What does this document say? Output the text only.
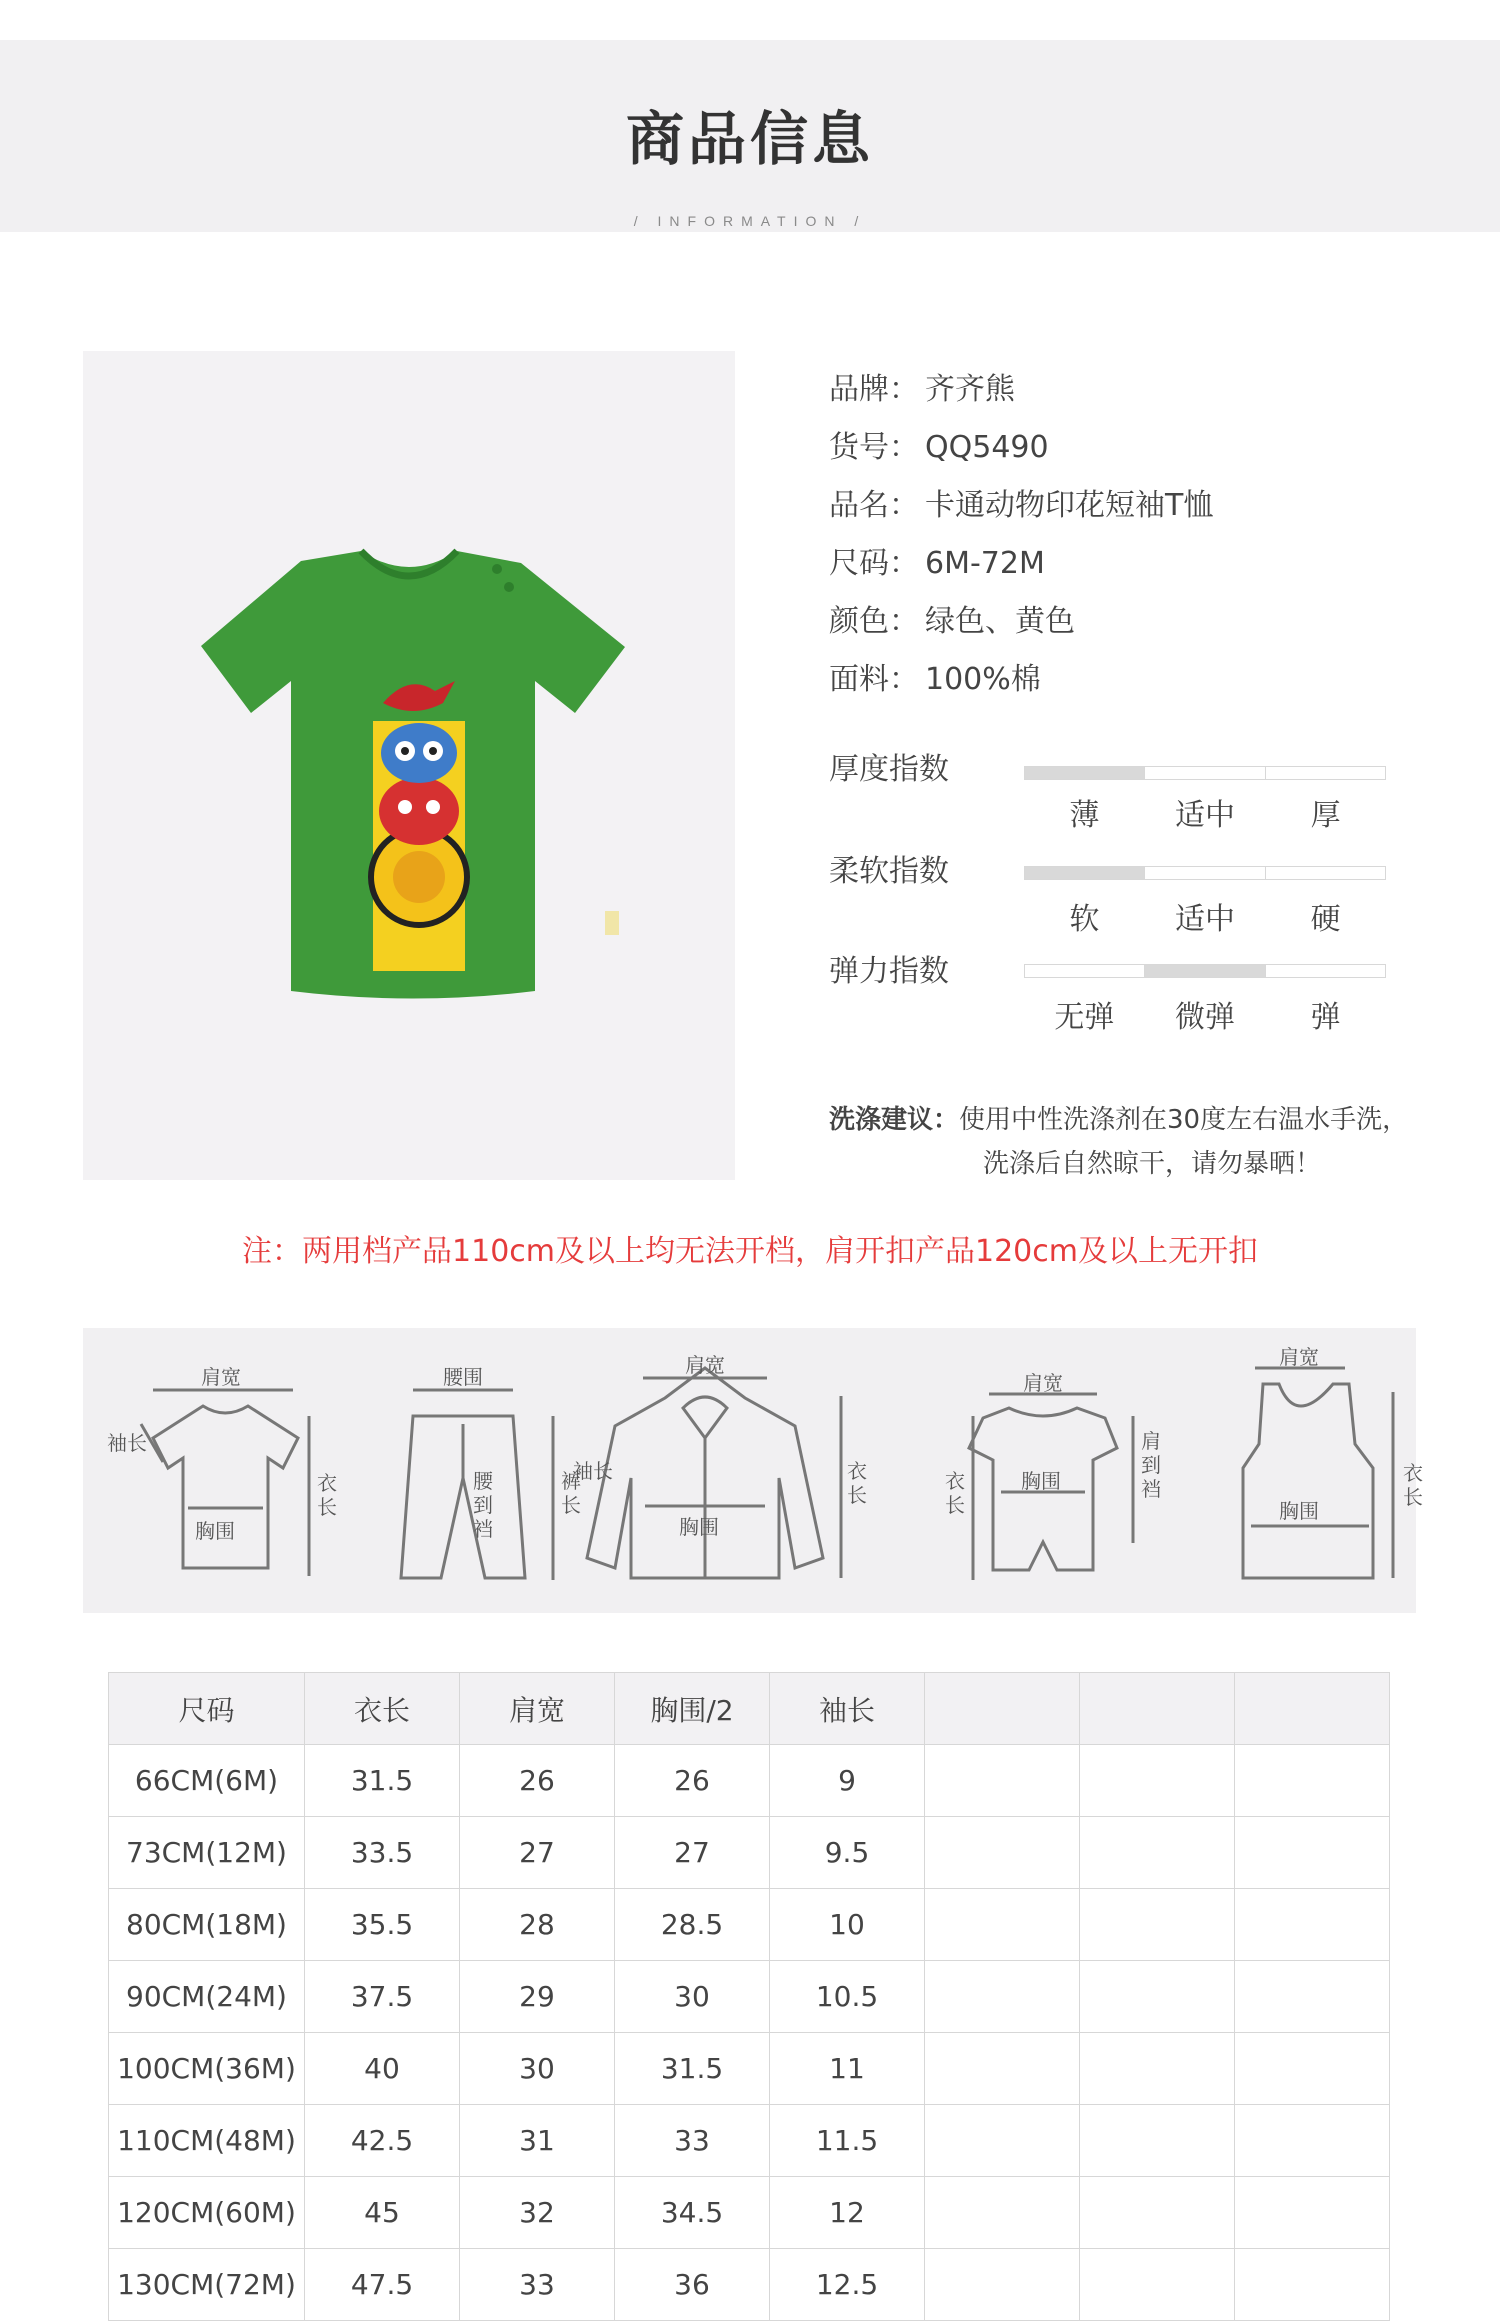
商品信息
/ INFORMATION /
品牌： 齐齐熊
货号： QQ5490
品名： 卡通动物印花短袖T恤
尺码： 6M-72M
颜色： 绿色、黄色
面料： 100%棉
厚度指数
薄	适中	厚
柔软指数
软	适中	硬
弹力指数
无弹	微弹	弹
洗涤建议：使用中性洗涤剂在30度左右温水手洗，
洗涤后自然晾干，请勿暴晒！
注：两用档产品110cm及以上均无法开档，肩开扣产品120cm及以上无开扣
肩宽
袖长
胸围
衣
长
腰围
腰
到
裆
裤
长
肩宽
袖长
胸围
衣
长
肩宽
胸围
衣
长
肩
到
裆
肩宽
胸围
衣
长
尺码	衣长	肩宽	胸围/2	袖长			
66CM(6M)	31.5	26	26	9			
73CM(12M)	33.5	27	27	9.5			
80CM(18M)	35.5	28	28.5	10			
90CM(24M)	37.5	29	30	10.5			
100CM(36M)	40	30	31.5	11			
110CM(48M)	42.5	31	33	11.5			
120CM(60M)	45	32	34.5	12			
130CM(72M)	47.5	33	36	12.5			
